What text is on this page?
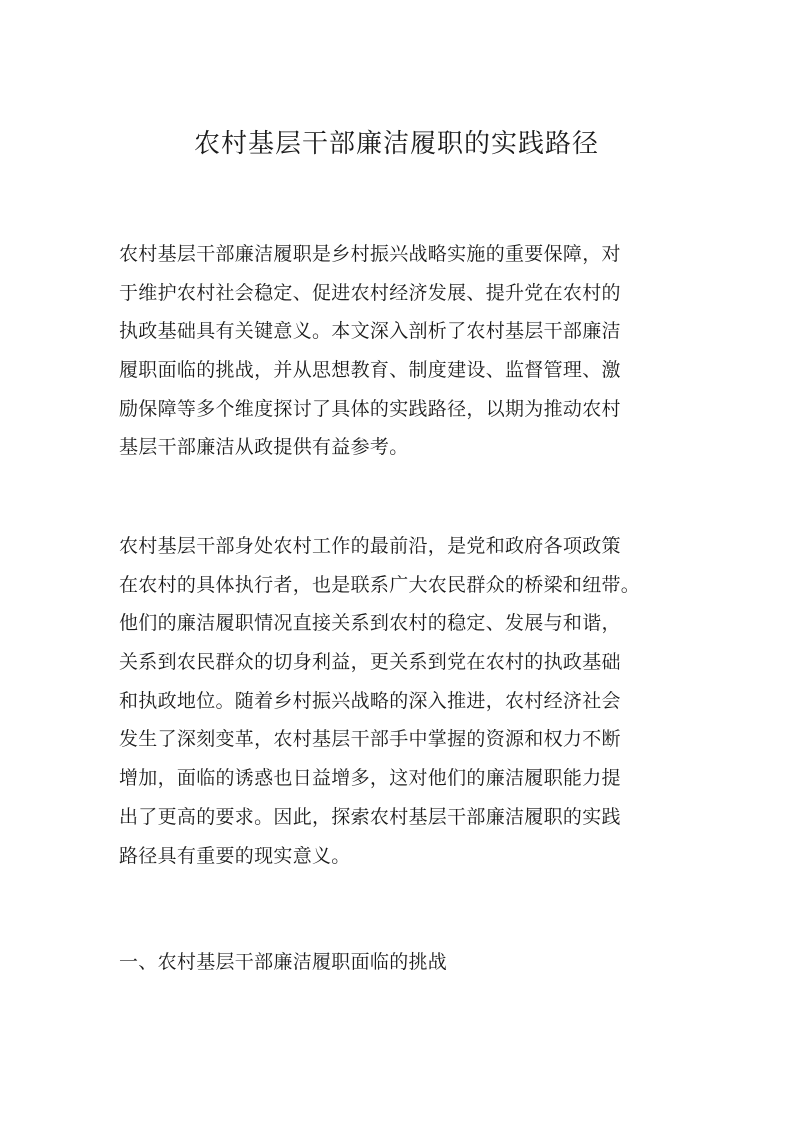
农村基层干部廉洁履职的实践路径
农村基层干部廉洁履职是乡村振兴战略实施的重要保障，对
于维护农村社会稳定、促进农村经济发展、提升党在农村的
执政基础具有关键意义。本文深入剖析了农村基层干部廉洁
履职面临的挑战，并从思想教育、制度建设、监督管理、激
励保障等多个维度探讨了具体的实践路径，以期为推动农村
基层干部廉洁从政提供有益参考。
农村基层干部身处农村工作的最前沿，是党和政府各项政策
在农村的具体执行者，也是联系广大农民群众的桥梁和纽带。
他们的廉洁履职情况直接关系到农村的稳定、发展与和谐，
关系到农民群众的切身利益，更关系到党在农村的执政基础
和执政地位。随着乡村振兴战略的深入推进，农村经济社会
发生了深刻变革，农村基层干部手中掌握的资源和权力不断
增加，面临的诱惑也日益增多，这对他们的廉洁履职能力提
出了更高的要求。因此，探索农村基层干部廉洁履职的实践
路径具有重要的现实意义。
一、农村基层干部廉洁履职面临的挑战
